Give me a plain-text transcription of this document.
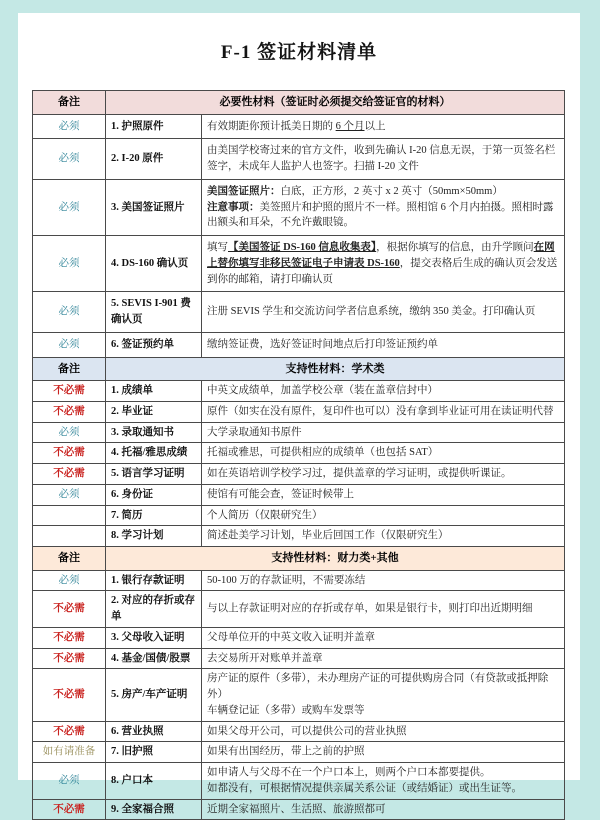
F-1 签证材料清单
备注	必要性材料（签证时必须提交给签证官的材料）	
必须	1. 护照原件	有效期距你预计抵美日期的 6 个月以上

必须	2. I-20 原件	由美国学校寄过来的官方文件，收到先确认 I-20 信息无误，于第一页签名栏签字，未成年人监护人也签字。扫描 I-20 文件

必须	3. 美国签证照片	美国签证照片：白底，正方形，2 英寸 x 2 英寸（50mm×50mm）
注意事项：美签照片和护照的照片不一样。照相馆 6 个月内拍摄。照相时露出额头和耳朵，不允许戴眼镜。

必须	4. DS-160 确认页	填写【美国签证 DS-160 信息收集表】，根据你填写的信息，由升学顾问在网上替你填写非移民签证电子申请表 DS-160，提交表格后生成的确认页会发送到你的邮箱，请打印确认页

必须	5. SEVIS I-901 费 确认页	注册 SEVIS 学生和交流访问学者信息系统，缴纳 350 美金。打印确认页

必须	6. 签证预约单	缴纳签证费，选好签证时间地点后打印签证预约单

备注	支持性材料：学术类	
不必需	1. 成绩单	中英文成绩单，加盖学校公章（装在盖章信封中）

不必需	2. 毕业证	原件（如实在没有原件，复印件也可以）没有拿到毕业证可用在读证明代替

必须	3. 录取通知书	大学录取通知书原件

不必需	4. 托福/雅思成绩	托福或雅思，可提供相应的成绩单（也包括 SAT）

不必需	5. 语言学习证明	如在英语培训学校学习过，提供盖章的学习证明，或提供听课证。

必须	6. 身份证	使馆有可能会查，签证时候带上

	7. 简历	个人简历（仅限研究生）

	8. 学习计划	简述赴美学习计划，毕业后回国工作（仅限研究生）

备注	支持性材料：财力类+其他	
必须	1. 银行存款证明	50-100 万的存款证明，不需要冻结

不必需	2. 对应的存折或存单	与以上存款证明对应的存折或存单，如果是银行卡，则打印出近期明细

不必需	3. 父母收入证明	父母单位开的中英文收入证明并盖章

不必需	4. 基金/国债/股票	去交易所开对账单并盖章

不必需	5. 房产/车产证明	房产证的原件（多带），未办理房产证的可提供购房合同（有贷款或抵押除外）
车辆登记证（多带）或购车发票等

不必需	6. 营业执照	如果父母开公司，可以提供公司的营业执照

如有请准备	7. 旧护照	如果有出国经历，带上之前的护照

必须	8. 户口本	如申请人与父母不在一个户口本上，则两个户口本都要提供。
如都没有，可根据情况提供亲属关系公证（或结婚证）或出生证等。

不必需	9. 全家福合照	近期全家福照片、生活照、旅游照都可
